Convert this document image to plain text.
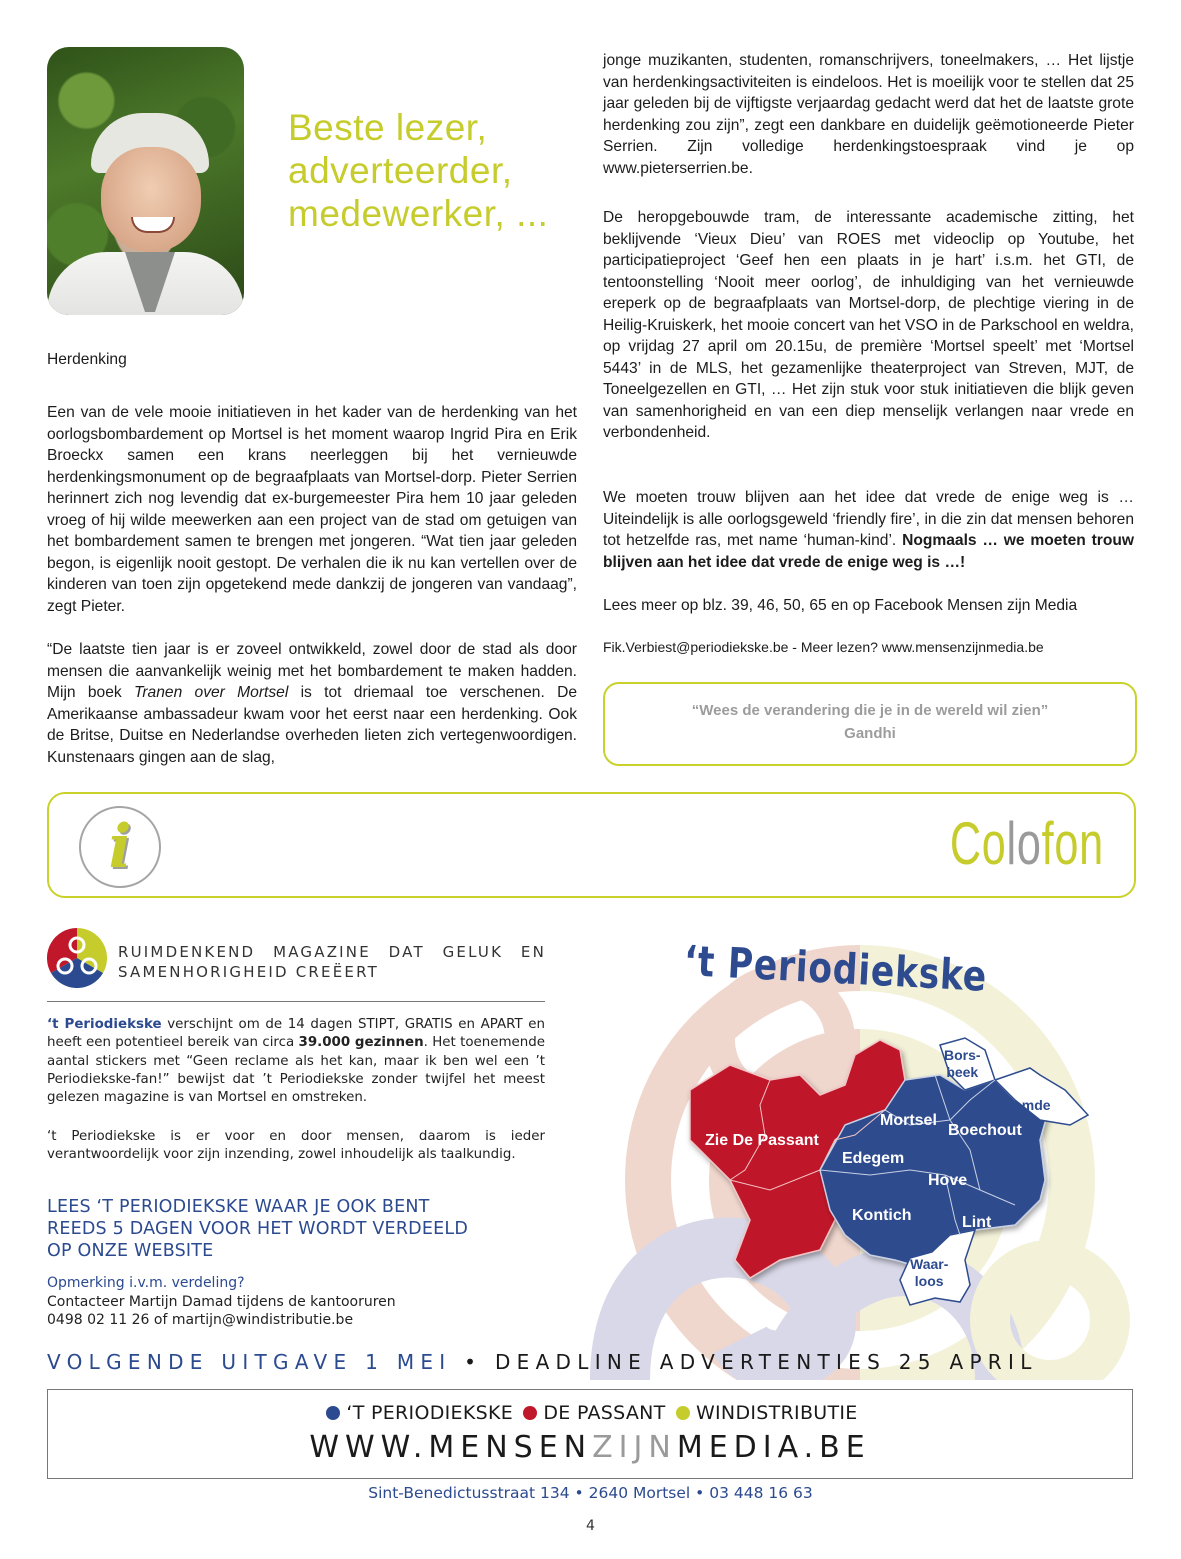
Beste lezer,
adverteerder,
medewerker, ...
Herdenking

Een van de vele mooie initiatieven in het kader van de herdenking van het oorlogsbombardement op Mortsel is het moment waarop Ingrid Pira en Erik Broeckx samen een krans neerleggen bij het vernieuwde herdenkingsmonument op de begraafplaats van Mortsel-dorp. Pieter Serrien herinnert zich nog levendig dat ex-burgemeester Pira hem 10 jaar geleden vroeg of hij wilde meewerken aan een project van de stad om getuigen van het bombardement samen te brengen met jongeren. “Wat tien jaar geleden begon, is eigenlijk nooit gestopt. De verhalen die ik nu kan vertellen over de kinderen van toen zijn opgetekend mede dankzij de jongeren van vandaag”, zegt Pieter.

“De laatste tien jaar is er zoveel ontwikkeld, zowel door de stad als door mensen die aanvankelijk weinig met het bombardement te maken hadden. Mijn boek Tranen over Mortsel is tot driemaal toe verschenen. De Amerikaanse ambassadeur kwam voor het eerst naar een herdenking. Ook de Britse, Duitse en Nederlandse overheden lieten zich vertegenwoordigen. Kunstenaars gingen aan de slag,

jonge muzikanten, studenten, romanschrijvers, toneelmakers, … Het lijstje van herdenkingsactiviteiten is eindeloos. Het is moeilijk voor te stellen dat 25 jaar geleden bij de vijftigste verjaardag gedacht werd dat het de laatste grote herdenking zou zijn”, zegt een dankbare en duidelijk geëmotioneerde Pieter Serrien. Zijn volledige herdenkingstoespraak vind je op www.pieterserrien.be.

De heropgebouwde tram, de interessante academische zitting, het beklijvende ‘Vieux Dieu’ van ROES met videoclip op Youtube, het participatieproject ‘Geef hen een plaats in je hart’ i.s.m. het GTI, de tentoonstelling ‘Nooit meer oorlog’, de inhuldiging van het vernieuwde ereperk op de begraafplaats van Mortsel-dorp, de plechtige viering in de Heilig-Kruiskerk, het mooie concert van het VSO in de Parkschool en weldra, op vrijdag 27 april om 20.15u, de première ‘Mortsel speelt’ met ‘Mortsel 5443’ in de MLS, het gezamenlijke theaterproject van Streven, MJT, de Toneelgezellen en GTI, … Het zijn stuk voor stuk initiatieven die blijk geven van samenhorigheid en van een diep menselijk verlangen naar vrede en verbondenheid.

We moeten trouw blijven aan het idee dat vrede de enige weg is … Uiteindelijk is alle oorlogsgeweld ‘friendly fire’, in die zin dat mensen behoren tot hetzelfde ras, met name ‘human-kind’. Nogmaals … we moeten trouw blijven aan het idee dat vrede de enige weg is …!

Lees meer op blz. 39, 46, 50, 65 en op Facebook Mensen zijn Media
Fik.Verbiest@periodiekske.be - Meer lezen? www.mensenzijnmedia.be
“Wees de verandering die je in de wereld wil zien”
Gandhi
i	Colofon
RUIMDENKEND MAGAZINE DAT GELUK EN SAMENHORIGHEID CREËERT

‘t Periodiekske verschijnt om de 14 dagen STIPT, GRATIS en APART en heeft een potentieel bereik van circa 39.000 gezinnen. Het toenemende aantal stickers met “Geen reclame als het kan, maar ik ben wel een ’t Periodiekske-fan!” bewijst dat ’t Periodiekske zonder twijfel het meest gelezen magazine is van Mortsel en omstreken.

‘t Periodiekske is er voor en door mensen, daarom is ieder verantwoordelijk voor zijn inzending, zowel inhoudelijk als taalkundig.

LEES ‘T PERIODIEKSKE WAAR JE OOK BENT
REEDS 5 DAGEN VOOR HET WORDT VERDEELD
OP ONZE WEBSITE
Opmerking i.v.m. verdeling?
Contacteer Martijn Damad tijdens de kantooruren
0498 02 11 26 of martijn@windistributie.be
‘t Periodiekske
Zie De Passant
Mortsel
Boechout
Edegem
Hove
Kontich	Lint
Bors-
beek
Vremde
Waar-
loos
VOLGENDE UITGAVE 1 MEI • DEADLINE ADVERTENTIES 25 APRIL
‘T PERIODIEKSKE DE PASSANT WINDISTRIBUTIE
WWW.MENSENZIJNMEDIA.BE
Sint-Benedictusstraat 134 • 2640 Mortsel • 03 448 16 63
4
